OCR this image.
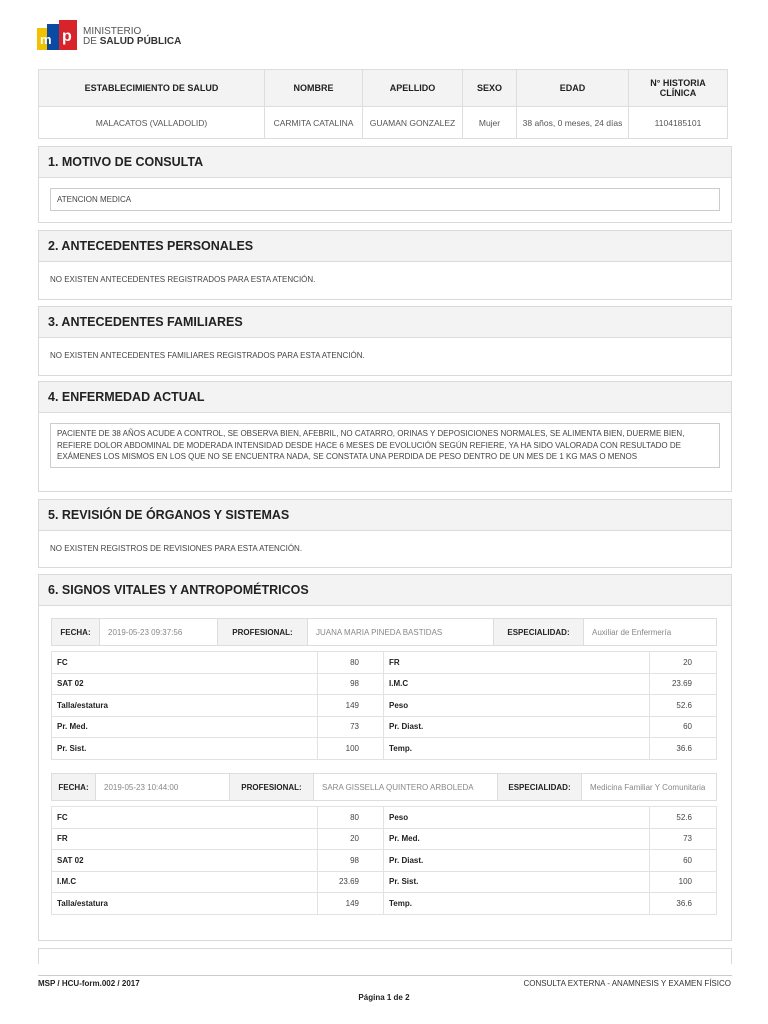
m p MINISTERIO
DE SALUD PÚBLICA
ESTABLECIMIENTO DE SALUD	NOMBRE	APELLIDO	SEXO	EDAD	N° HISTORIA CLÍNICA
MALACATOS (VALLADOLID)	CARMITA CATALINA	GUAMAN GONZALEZ	Mujer	38 años, 0 meses, 24 días	1104185101
1. MOTIVO DE CONSULTA
ATENCION MEDICA
2. ANTECEDENTES PERSONALES
NO EXISTEN ANTECEDENTES REGISTRADOS PARA ESTA ATENCIÓN.
3. ANTECEDENTES FAMILIARES
NO EXISTEN ANTECEDENTES FAMILIARES REGISTRADOS PARA ESTA ATENCIÓN.
4. ENFERMEDAD ACTUAL
PACIENTE DE 38 AÑOS ACUDE A CONTROL, SE OBSERVA BIEN, AFEBRIL, NO CATARRO, ORINAS Y DEPOSICIONES NORMALES, SE ALIMENTA BIEN, DUERME BIEN, REFIERE DOLOR ABDOMINAL DE MODERADA INTENSIDAD DESDE HACE 6 MESES DE EVOLUCIÓN SEGÚN REFIERE, YA HA SIDO VALORADA CON RESULTADO DE EXÁMENES LOS MISMOS EN LOS QUE NO SE ENCUENTRA NADA, SE CONSTATA UNA PERDIDA DE PESO DENTRO DE UN MES DE 1 KG MAS O MENOS
5. REVISIÓN DE ÓRGANOS Y SISTEMAS
NO EXISTEN REGISTROS DE REVISIONES PARA ESTA ATENCIÓN.
6. SIGNOS VITALES Y ANTROPOMÉTRICOS
FECHA:	2019-05-23 09:37:56	PROFESIONAL:	JUANA MARIA PINEDA BASTIDAS	ESPECIALIDAD:	Auxiliar de Enfermería
FC	80	FR	20
SAT 02	98	I.M.C	23.69
Talla/estatura	149	Peso	52.6
Pr. Med.	73	Pr. Diast.	60
Pr. Sist.	100	Temp.	36.6
FECHA:	2019-05-23 10:44:00	PROFESIONAL:	SARA GISSELLA QUINTERO ARBOLEDA	ESPECIALIDAD:	Medicina Familiar Y Comunitaria
FC	80	Peso	52.6
FR	20	Pr. Med.	73
SAT 02	98	Pr. Diast.	60
I.M.C	23.69	Pr. Sist.	100
Talla/estatura	149	Temp.	36.6
MSP / HCU-form.002 / 2017	CONSULTA EXTERNA - ANAMNESIS Y EXAMEN FÍSICO
Página 1 de 2
